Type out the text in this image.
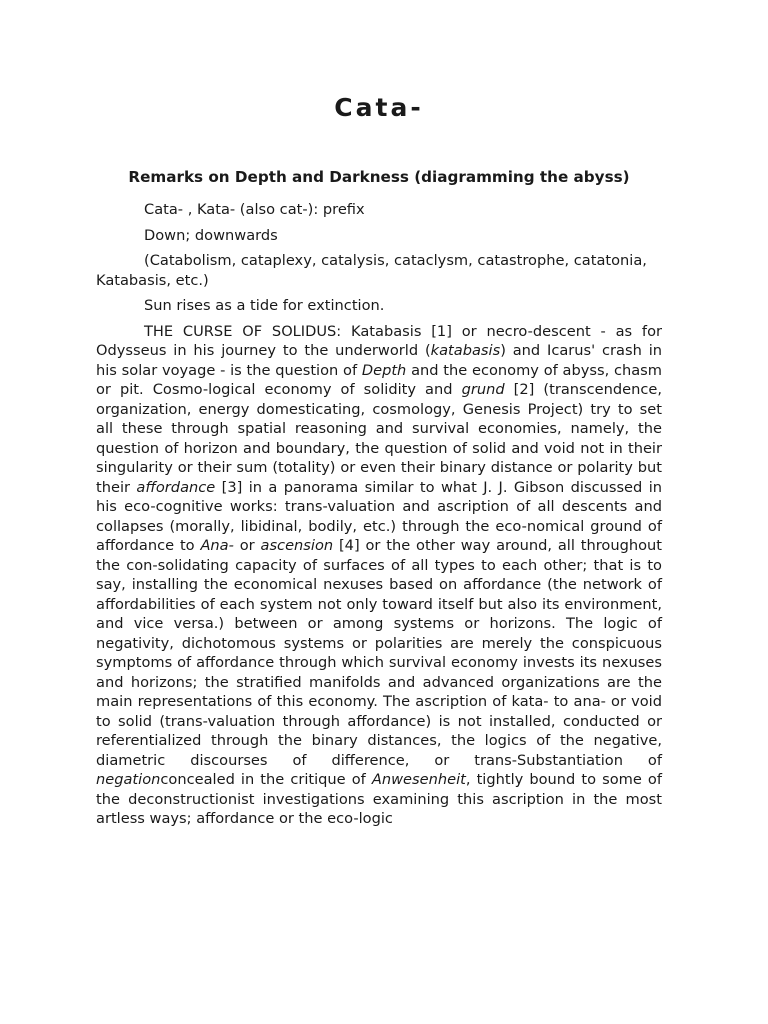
Cata-
Remarks on Depth and Darkness (diagramming the abyss)

Cata- , Kata- (also cat-): prefix

Down; downwards

(Catabolism, cataplexy, catalysis, cataclysm, catastrophe, catatonia, Katabasis, etc.)

Sun rises as a tide for extinction.

THE CURSE OF SOLIDUS: Katabasis [1] or necro-descent - as for Odysseus in his journey to the underworld (katabasis) and Icarus' crash in his solar voyage - is the question of Depth and the economy of abyss, chasm or pit. Cosmo-logical economy of solidity and grund [2] (transcendence, organization, energy domesticating, cosmology, Genesis Project) try to set all these through spatial reasoning and survival economies, namely, the question of horizon and boundary, the question of solid and void not in their singularity or their sum (totality) or even their binary distance or polarity but their affordance [3] in a panorama similar to what J. J. Gibson discussed in his eco-cognitive works: trans-valuation and ascription of all descents and collapses (morally, libidinal, bodily, etc.) through the eco-nomical ground of affordance to Ana- or ascension [4] or the other way around, all throughout the con-solidating capacity of surfaces of all types to each other; that is to say, installing the economical nexuses based on affordance (the network of affordabilities of each system not only toward itself but also its environment, and vice versa.) between or among systems or horizons. The logic of negativity, dichotomous systems or polarities are merely the conspicuous symptoms of affordance through which survival economy invests its nexuses and horizons; the stratified manifolds and advanced organizations are the main representations of this economy. The ascription of kata- to ana- or void to solid (trans-valuation through affordance) is not installed, conducted or referentialized through the binary distances, the logics of the negative, diametric discourses of difference, or trans-Substantiation of negationconcealed in the critique of Anwesenheit, tightly bound to some of the deconstructionist investigations examining this ascription in the most artless ways; affordance or the eco-logic
